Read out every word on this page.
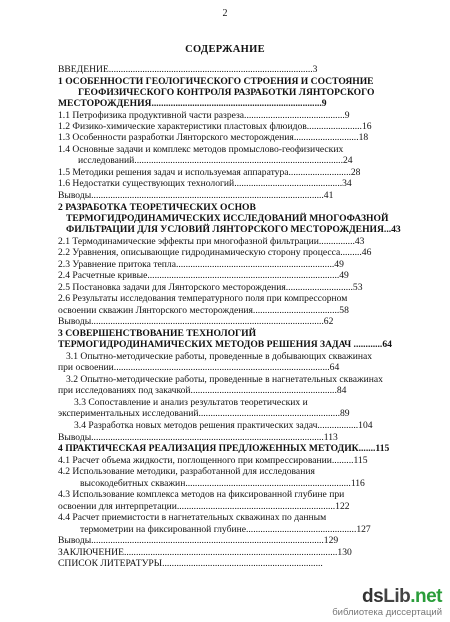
2
СОДЕРЖАНИЕ
ВВЕДЕНИЕ.....................................................................................3
1 ОСОБЕННОСТИ ГЕОЛОГИЧЕСКОГО СТРОЕНИЯ И СОСТОЯНИЕ
ГЕОФИЗИЧЕСКОГО КОНТРОЛЯ РАЗРАБОТКИ ЛЯНТОРСКОГО
МЕСТОРОЖДЕНИЯ.......................................................................9
1.1 Петрофизика продуктивной части разреза..........................................9
1.2 Физико-химические характеристики пластовых флюидов.......................16
1.3 Особенности разработки Лянторского месторождения...........................18
1.4 Основные задачи и комплекс методов промыслово-геофизических
исследований.......................................................................................24
1.5 Методики решения задач и используемая аппаратура..........................28
1.6 Недостатки существующих технологий.............................................34
Выводы.................................................................................................41
2 РАЗРАБОТКА ТЕОРЕТИЧЕСКИХ ОСНОВ
ТЕРМОГИДРОДИНАМИЧЕСКИХ ИССЛЕДОВАНИЙ МНОГОФАЗНОЙ
ФИЛЬТРАЦИИ ДЛЯ УСЛОВИЙ ЛЯНТОРСКОГО МЕСТОРОЖДЕНИЯ...43
2.1 Термодинамические эффекты при многофазной фильтрации...............43
2.2 Уравнения, описывающие гидродинамическую сторону процесса.........46
2.3 Уравнение притока тепла..................................................................49
2.4 Расчетные кривые................................................................................49
2.5 Постановка задачи для Лянторского месторождения............................53
2.6 Результаты исследования температурного поля при компрессорном
освоении скважин Лянторского месторождения....................................58
Выводы.................................................................................................62
3 СОВЕРШЕНСТВОВАНИЕ ТЕХНОЛОГИЙ
ТЕРМОГИДРОДИНАМИЧЕСКИХ МЕТОДОВ РЕШЕНИЯ ЗАДАЧ ............64
3.1 Опытно-методические работы, проведенные в добывающих скважинах
при освоении..........................................................................................64
3.2 Опытно-методические работы, проведенные в нагнетательных скважинах
при исследованиях под закачкой.............................................................84
3.3 Сопоставление и анализ результатов теоретических и
экспериментальных исследований...........................................................89
3.4 Разработка новых методов решения практических задач.................104
Выводы.................................................................................................113
4 ПРАКТИЧЕСКАЯ РЕАЛИЗАЦИЯ ПРЕДЛОЖЕННЫХ МЕТОДИК.......115
4.1 Расчет объема жидкости, поглощенного при компрессировании.........115
4.2 Использование методики, разработанной для исследования
высокодебитных скважин.....................................................................116
4.3 Использование комплекса методов на фиксированной глубине при
освоении для интерпретации..................................................................122
4.4 Расчет приемистости в нагнетательных скважинах по данным
термометрии на фиксированной глубине..............................................127
Выводы.................................................................................................129
ЗАКЛЮЧЕНИЕ.........................................................................................130
СПИСОК ЛИТЕРАТУРЫ...................................................................
dsLib.net
библиотека диссертаций
